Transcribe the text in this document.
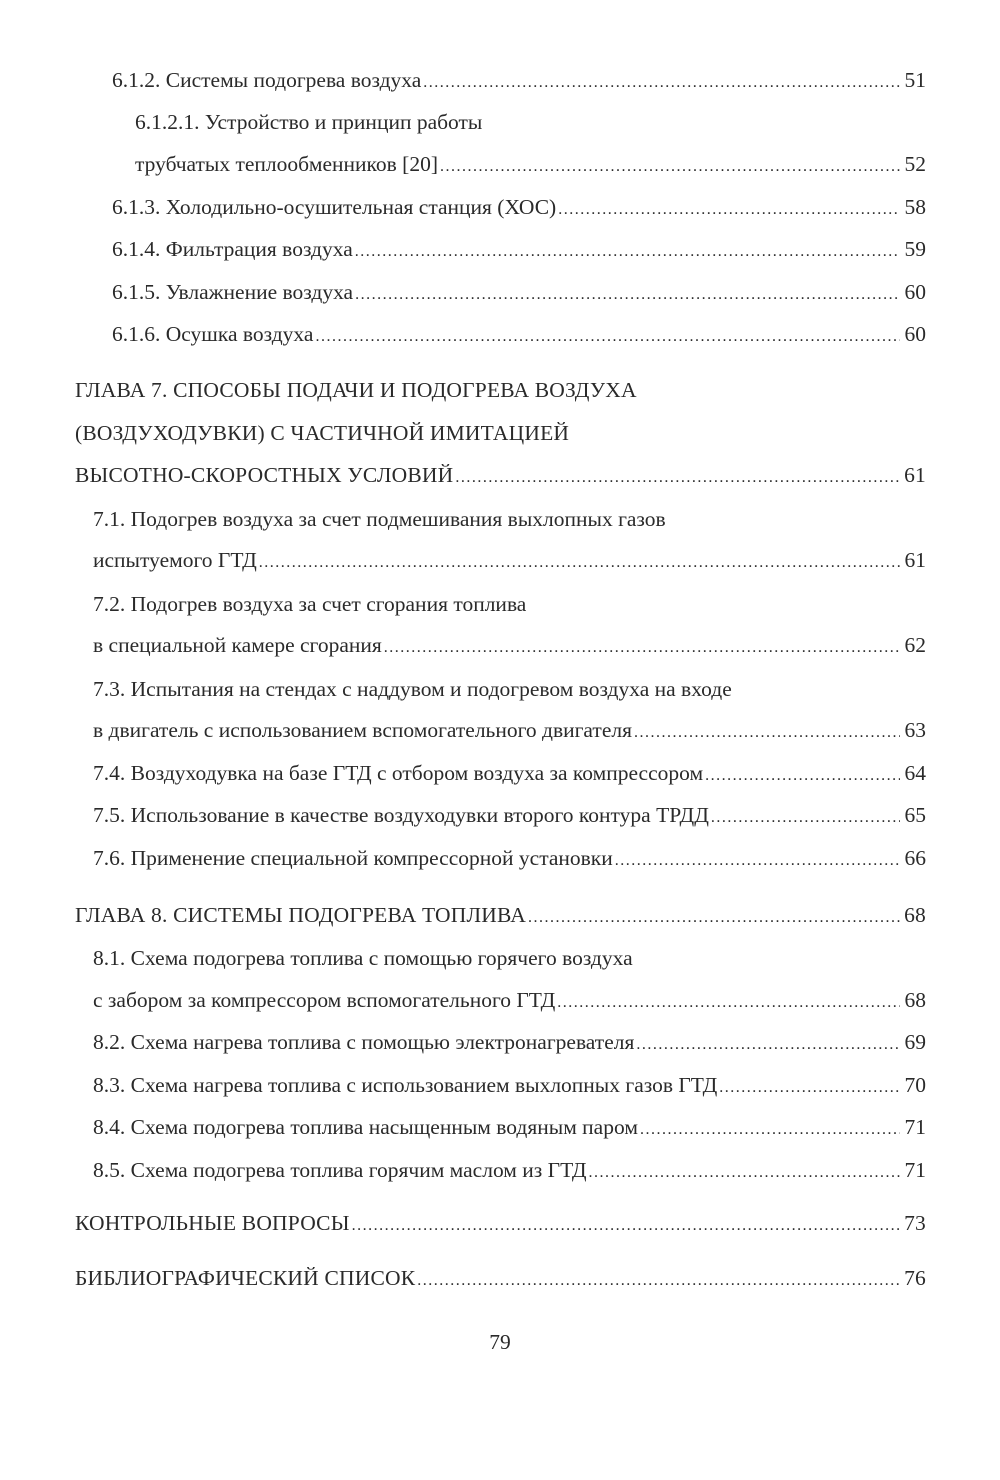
6.1.2. Системы подогрева воздуха .....	51
6.1.2.1. Устройство и принцип работы
трубчатых теплообменников [20] .....	52
6.1.3. Холодильно-осушительная станция (ХОС) .....	58
6.1.4. Фильтрация воздуха .....	59
6.1.5. Увлажнение воздуха .....	60
6.1.6. Осушка воздуха .....	60
ГЛАВА 7. СПОСОБЫ ПОДАЧИ И ПОДОГРЕВА ВОЗДУХА
(ВОЗДУХОДУВКИ) С ЧАСТИЧНОЙ ИМИТАЦИЕЙ
ВЫСОТНО-СКОРОСТНЫХ УСЛОВИЙ .....	61
7.1. Подогрев воздуха за счет подмешивания выхлопных газов
испытуемого ГТД .....	61
7.2. Подогрев воздуха за счет сгорания топлива
в специальной камере сгорания .....	62
7.3. Испытания на стендах с наддувом и подогревом воздуха на входе
в двигатель с использованием вспомогательного двигателя .....	63
7.4. Воздуходувка на базе ГТД с отбором воздуха за компрессором .....	64
7.5. Использование в качестве воздуходувки второго контура ТРДД .....	65
7.6. Применение специальной компрессорной установки .....	66
ГЛАВА 8. СИСТЕМЫ ПОДОГРЕВА ТОПЛИВА .....	68
8.1. Схема подогрева топлива с помощью горячего воздуха
с забором за компрессором вспомогательного ГТД .....	68
8.2. Схема нагрева топлива с помощью электронагревателя .....	69
8.3. Схема нагрева топлива с использованием выхлопных газов ГТД .....	70
8.4. Схема подогрева топлива насыщенным водяным паром .....	71
8.5. Схема подогрева топлива горячим маслом из ГТД .....	71
КОНТРОЛЬНЫЕ ВОПРОСЫ .....	73
БИБЛИОГРАФИЧЕСКИЙ СПИСОК .....	76
79
